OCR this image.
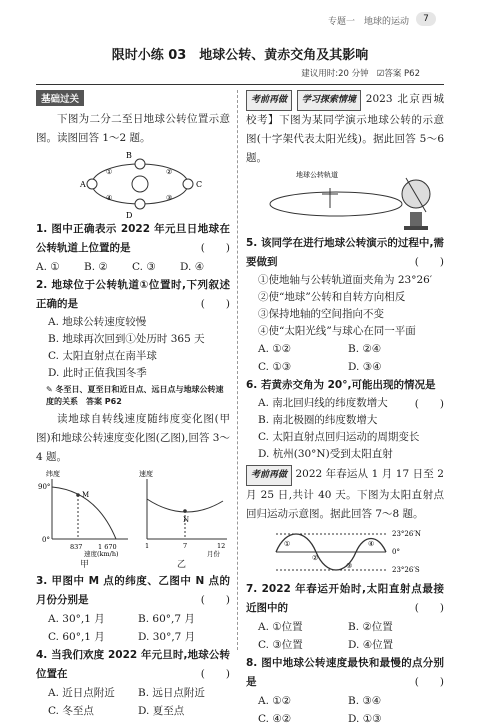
专题一　地球的运动	7
限时小练 03　地球公转、黄赤交角及其影响
建议用时:20 分钟 ☑答案 P62
基础过关
下图为二分二至日地球公转位置示意图。读图回答 1～2 题。
A
B
C
D
①	②
③
④
1. 图中正确表示 2022 年元旦日地球在公转轨道上位置的是	(　　)
A. ①	B. ②	C. ③	D. ④
2. 地球位于公转轨道①位置时,下列叙述正确的是	(　　)
A. 地球公转速度较慢
B. 地球再次回到①处历时 365 天
C. 太阳直射点在南半球
D. 此时正值我国冬季
✎ 冬至日、夏至日和近日点、远日点与地球公转速度的关系　答案 P62
读地球自转线速度随纬度变化图(甲图)和地球公转速度变化图(乙图),回答 3～4 题。
纬度
90°
0°
M
837 1 670
速度(km/h)
速度
N
1	7	12
月份
甲	乙
3. 甲图中 M 点的纬度、乙图中 N 点的月份分别是	(　　)
A. 30°,1 月	B. 60°,7 月
C. 60°,1 月	D. 30°,7 月
4. 当我们欢度 2022 年元旦时,地球公转位置在	(　　)
A. 近日点附近	B. 远日点附近
C. 冬至点	D. 夏至点
考前再做 学习探索情境 2023 北京西城校考】下图为某同学演示地球公转的示意图(十字架代表太阳光线)。据此回答 5～6 题。
地球公转轨道
5. 该同学在进行地球公转演示的过程中,需要做到	(　　)
①使地轴与公转轨道面夹角为 23°26′
②使“地球”公转和自转方向相反
③保持地轴的空间指向不变
④使“太阳光线”与球心在同一平面
A. ①②	B. ②④
C. ①③	D. ③④
6. 若黄赤交角为 20°,可能出现的情况是
(　　)
A. 南北回归线的纬度数增大
B. 南北极圈的纬度数增大
C. 太阳直射点回归运动的周期变长
D. 杭州(30°N)受到太阳直射
考前再做 2022 年春运从 1 月 17 日至 2 月 25 日,共计 40 天。下图为太阳直射点回归运动示意图。据此回答 7～8 题。
①
②
③
④
23°26′N
0°
23°26′S
7. 2022 年春运开始时,太阳直射点最接近图中的	(　　)
A. ①位置	B. ②位置
C. ③位置	D. ④位置
8. 图中地球公转速度最快和最慢的点分别是	(　　)
A. ①②	B. ③④
C. ④②	D. ①③
